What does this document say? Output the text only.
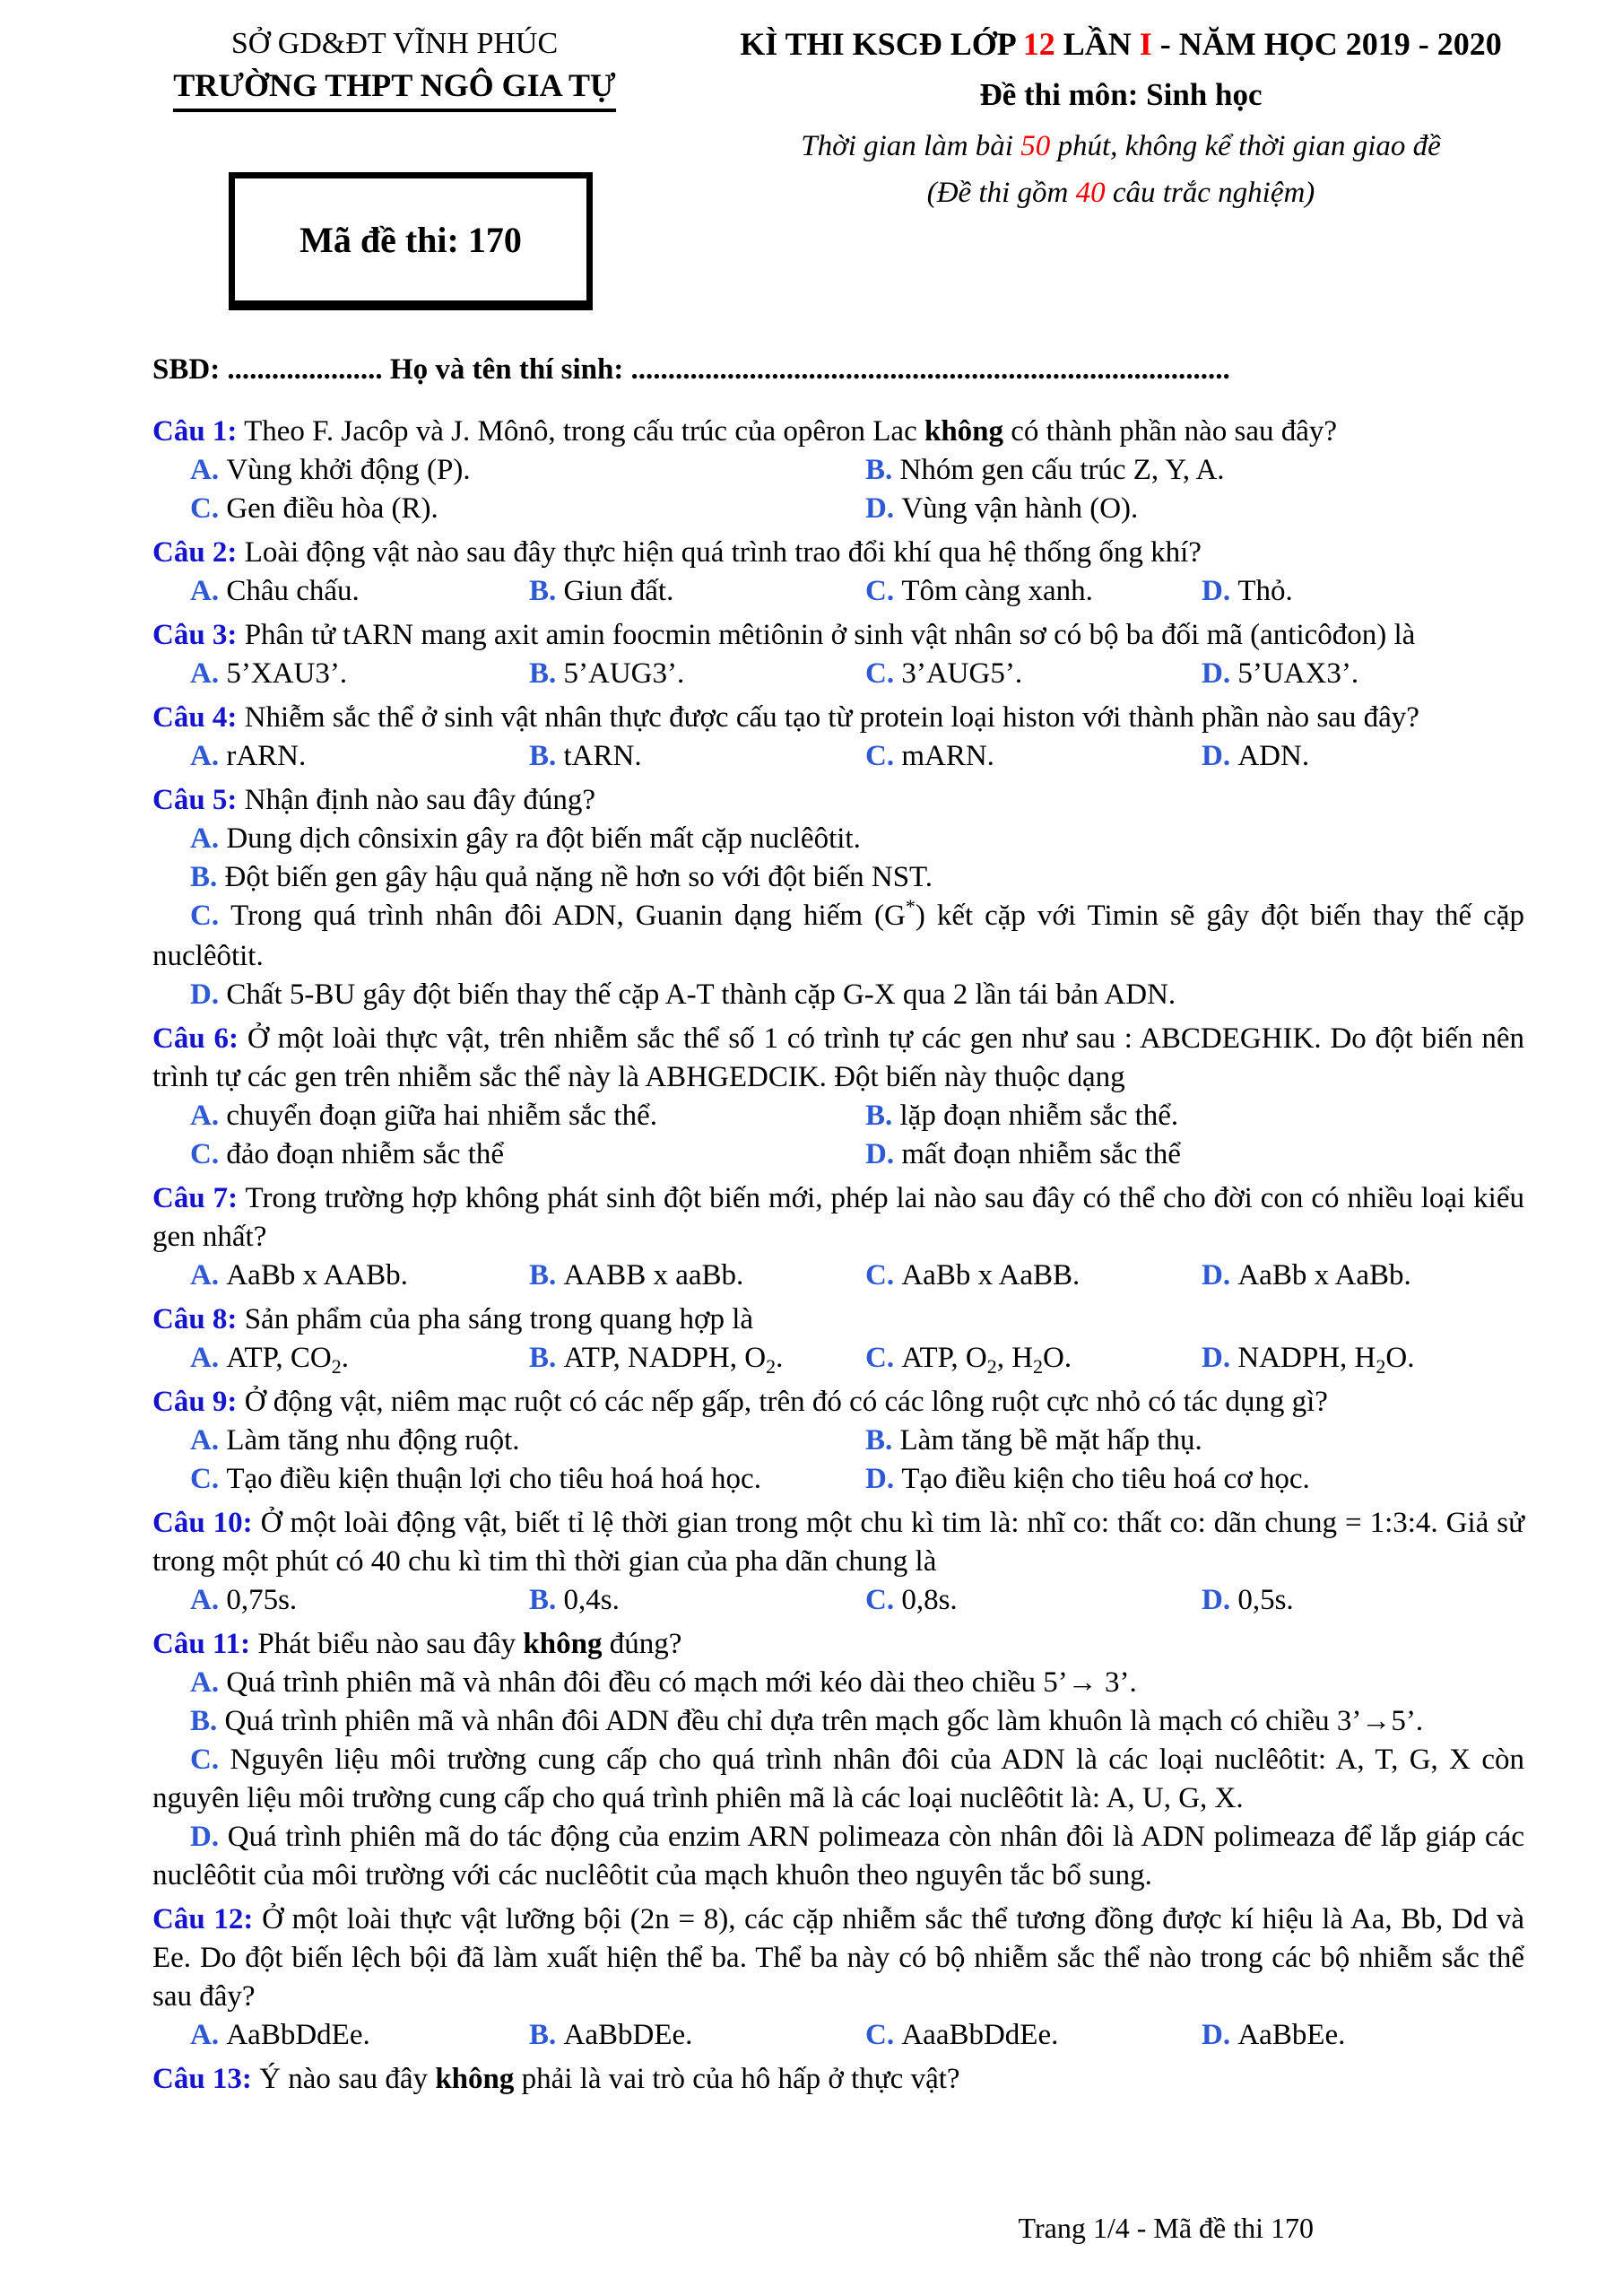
SỞ GD&ĐT VĨNH PHÚC
TRƯỜNG THPT NGÔ GIA TỰ
Mã đề thi: 170
KÌ THI KSCĐ LỚP 12 LẦN I - NĂM HỌC 2019 - 2020
Đề thi môn: Sinh học
Thời gian làm bài 50 phút, không kể thời gian giao đề
(Đề thi gồm 40 câu trắc nghiệm)

SBD: ..................... Họ và tên thí sinh: .................................................................................

Câu 1: Theo F. Jacôp và J. Mônô, trong cấu trúc của opêron Lac không có thành phần nào sau đây?

A. Vùng khởi động (P).	B. Nhóm gen cấu trúc Z, Y, A.
C. Gen điều hòa (R).	D. Vùng vận hành (O).

Câu 2: Loài động vật nào sau đây thực hiện quá trình trao đổi khí qua hệ thống ống khí?

A. Châu chấu.	B. Giun đất.	C. Tôm càng xanh.	D. Thỏ.

Câu 3: Phân tử tARN mang axit amin foocmin mêtiônin ở sinh vật nhân sơ có bộ ba đối mã (anticôđon) là

A. 5’XAU3’.	B. 5’AUG3’.	C. 3’AUG5’.	D. 5’UAX3’.

Câu 4: Nhiễm sắc thể ở sinh vật nhân thực được cấu tạo từ protein loại histon với thành phần nào sau đây?

A. rARN.	B. tARN.	C. mARN.	D. ADN.

Câu 5: Nhận định nào sau đây đúng?

A. Dung dịch cônsixin gây ra đột biến mất cặp nuclêôtit.

B. Đột biến gen gây hậu quả nặng nề hơn so với đột biến NST.

C. Trong quá trình nhân đôi ADN, Guanin dạng hiếm (G*) kết cặp với Timin sẽ gây đột biến thay thế cặp nuclêôtit.

D. Chất 5-BU gây đột biến thay thế cặp A-T thành cặp G-X qua 2 lần tái bản ADN.

Câu 6: Ở một loài thực vật, trên nhiễm sắc thể số 1 có trình tự các gen như sau : ABCDEGHIK. Do đột biến nên trình tự các gen trên nhiễm sắc thể này là ABHGEDCIK. Đột biến này thuộc dạng

A. chuyển đoạn giữa hai nhiễm sắc thể.	B. lặp đoạn nhiễm sắc thể.
C. đảo đoạn nhiễm sắc thể	D. mất đoạn nhiễm sắc thể

Câu 7: Trong trường hợp không phát sinh đột biến mới, phép lai nào sau đây có thể cho đời con có nhiều loại kiểu gen nhất?

A. AaBb x AABb.	B. AABB x aaBb.	C. AaBb x AaBB.	D. AaBb x AaBb.

Câu 8: Sản phẩm của pha sáng trong quang hợp là

A. ATP, $CO_2$.	B. ATP, NADPH, $O_2$.	C. ATP, $O_2$, $H_2O$.	D. NADPH, $H_2O$.

Câu 9: Ở động vật, niêm mạc ruột có các nếp gấp, trên đó có các lông ruột cực nhỏ có tác dụng gì?

A. Làm tăng nhu động ruột.	B. Làm tăng bề mặt hấp thụ.
C. Tạo điều kiện thuận lợi cho tiêu hoá hoá học.	D. Tạo điều kiện cho tiêu hoá cơ học.

Câu 10: Ở một loài động vật, biết tỉ lệ thời gian trong một chu kì tim là: nhĩ co: thất co: dãn chung = 1:3:4. Giả sử trong một phút có 40 chu kì tim thì thời gian của pha dãn chung là

A. 0,75s.	B. 0,4s.	C. 0,8s.	D. 0,5s.

Câu 11: Phát biểu nào sau đây không đúng?

A. Quá trình phiên mã và nhân đôi đều có mạch mới kéo dài theo chiều 5’→ 3’.

B. Quá trình phiên mã và nhân đôi ADN đều chỉ dựa trên mạch gốc làm khuôn là mạch có chiều 3’→5’.

C. Nguyên liệu môi trường cung cấp cho quá trình nhân đôi của ADN là các loại nuclêôtit: A, T, G, X còn nguyên liệu môi trường cung cấp cho quá trình phiên mã là các loại nuclêôtit là: A, U, G, X.

D. Quá trình phiên mã do tác động của enzim ARN polimeaza còn nhân đôi là ADN polimeaza để lắp giáp các nuclêôtit của môi trường với các nuclêôtit của mạch khuôn theo nguyên tắc bổ sung.

Câu 12: Ở một loài thực vật lưỡng bội (2n = 8), các cặp nhiễm sắc thể tương đồng được kí hiệu là Aa, Bb, Dd và Ee. Do đột biến lệch bội đã làm xuất hiện thể ba. Thể ba này có bộ nhiễm sắc thể nào trong các bộ nhiễm sắc thể sau đây?

A. AaBbDdEe.	B. AaBbDEe.	C. AaaBbDdEe.	D. AaBbEe.

Câu 13: Ý nào sau đây không phải là vai trò của hô hấp ở thực vật?

Trang 1/4 - Mã đề thi 170
